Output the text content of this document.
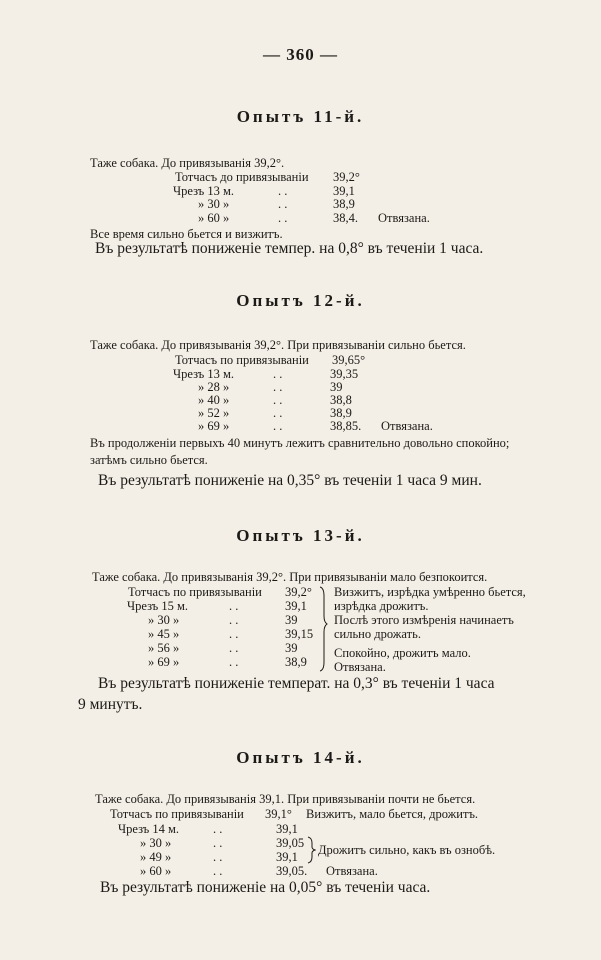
— 360 —
Опытъ 11-й.
Таже собака. До привязыванія 39,2°.
Тотчасъ до привязываніи 39,2°
Чрезъ 13 м.	. .	39,1
» 30 »	. .	38,9
» 60 »	. .	38,4. Отвязана.
Все время сильно бьется и визжитъ.
Въ результатѣ пониженіе темпер. на 0,8° въ теченіи 1 часа.
Опытъ 12-й.
Таже собака. До привязыванія 39,2°. При привязываніи сильно бьется.
Тотчасъ по привязываніи 39,65°
Чрезъ 13 м.	. .	39,35
» 28 »	. .	39
» 40 »	. .	38,8
» 52 »	. .	38,9
» 69 »	. .	38,85. Отвязана.
Въ продолженіи первыхъ 40 минутъ лежитъ сравнительно довольно спокойно;
затѣмъ сильно бьется.
Въ результатѣ пониженіе на 0,35° въ теченіи 1 часа 9 мин.
Опытъ 13-й.
Таже собака. До привязыванія 39,2°. При привязываніи мало безпокоится.
Тотчасъ по привязываніи 39,2°
Чрезъ 15 м.	. .	39,1
» 30 »	. .	39
» 45 »	. .	39,15
» 56 »	. .	39
» 69 »	. .	38,9
Визжитъ, изрѣдка умѣренно бьется,
изрѣдка дрожитъ.
Послѣ этого измѣренія начинаетъ
сильно дрожать.
Спокойно, дрожитъ мало.
Отвязана.
Въ результатѣ пониженіе температ. на 0,3° въ теченіи 1 часа
9 минутъ.
Опытъ 14-й.
Таже собака. До привязыванія 39,1. При привязываніи почти не бьется.
Тотчасъ по привязываніи 39,1° Визжитъ, мало бьется, дрожитъ.
Чрезъ 14 м.	. .	39,1
» 30 »	. .	39,05
» 49 »	. .	39,1
» 60 »	. .	39,05. Отвязана.
Дрожитъ сильно, какъ въ ознобѣ.
Въ результатѣ пониженіе на 0,05° въ теченіи часа.
